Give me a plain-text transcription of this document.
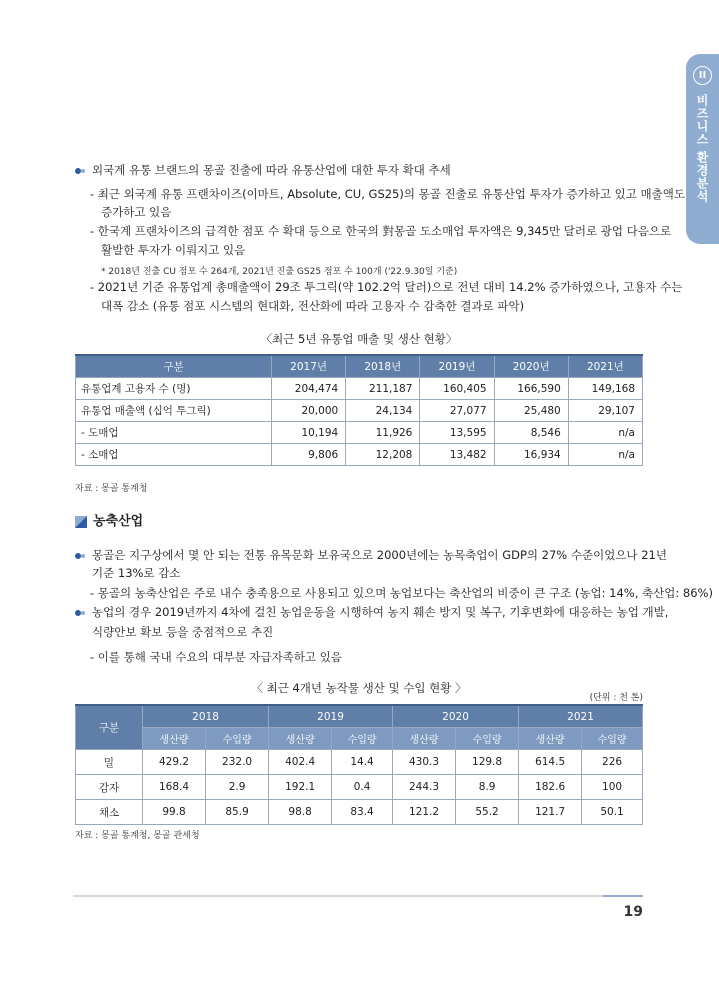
II
비즈니스 환경분석
외국계 유통 브랜드의 몽골 진출에 따라 유통산업에 대한 투자 확대 추세
- 최근 외국계 유통 프랜차이즈(이마트, Absolute, CU, GS25)의 몽골 진출로 유통산업 투자가 증가하고 있고 매출액도
증가하고 있음
- 한국계 프랜차이즈의 급격한 점포 수 확대 등으로 한국의 對몽골 도소매업 투자액은 9,345만 달러로 광업 다음으로
활발한 투자가 이뤄지고 있음
* 2018년 진출 CU 점포 수 264개, 2021년 진출 GS25 점포 수 100개 ('22.9.30일 기준)
- 2021년 기준 유통업계 총매출액이 29조 투그릭(약 102.2억 달러)으로 전년 대비 14.2% 증가하였으나, 고용자 수는
대폭 감소 (유통 점포 시스템의 현대화, 전산화에 따라 고용자 수 감축한 결과로 파악)
〈최근 5년 유통업 매출 및 생산 현황〉
구분	2017년	2018년	2019년	2020년	2021년
유통업계 고용자 수 (명)	204,474	211,187	160,405	166,590	149,168
유통업 매출액 (십억 투그릭)	20,000	24,134	27,077	25,480	29,107
- 도매업	10,194	11,926	13,595	8,546	n/a
- 소매업	9,806	12,208	13,482	16,934	n/a
자료 : 몽골 통계청
농축산업
몽골은 지구상에서 몇 안 되는 전통 유목문화 보유국으로 2000년에는 농목축업이 GDP의 27% 수준이었으나 21년
기준 13%로 감소
- 몽골의 농축산업은 주로 내수 충족용으로 사용되고 있으며 농업보다는 축산업의 비중이 큰 구조 (농업: 14%, 축산업: 86%)
농업의 경우 2019년까지 4차에 걸친 농업운동을 시행하여 농지 훼손 방지 및 복구, 기후변화에 대응하는 농업 개발,
식량안보 확보 등을 중점적으로 추진
- 이를 통해 국내 수요의 대부분 자급자족하고 있음
〈 최근 4개년 농작물 생산 및 수입 현황 〉
(단위 : 천 톤)
구분	2018		2019		2020		2021	
	생산량	수입량	생산량	수입량	생산량	수입량	생산량	수입량
밀	429.2	232.0	402.4	14.4	430.3	129.8	614.5	226
감자	168.4	2.9	192.1	0.4	244.3	8.9	182.6	100
채소	99.8	85.9	98.8	83.4	121.2	55.2	121.7	50.1
자료 : 몽골 통계청, 몽골 관세청
19
